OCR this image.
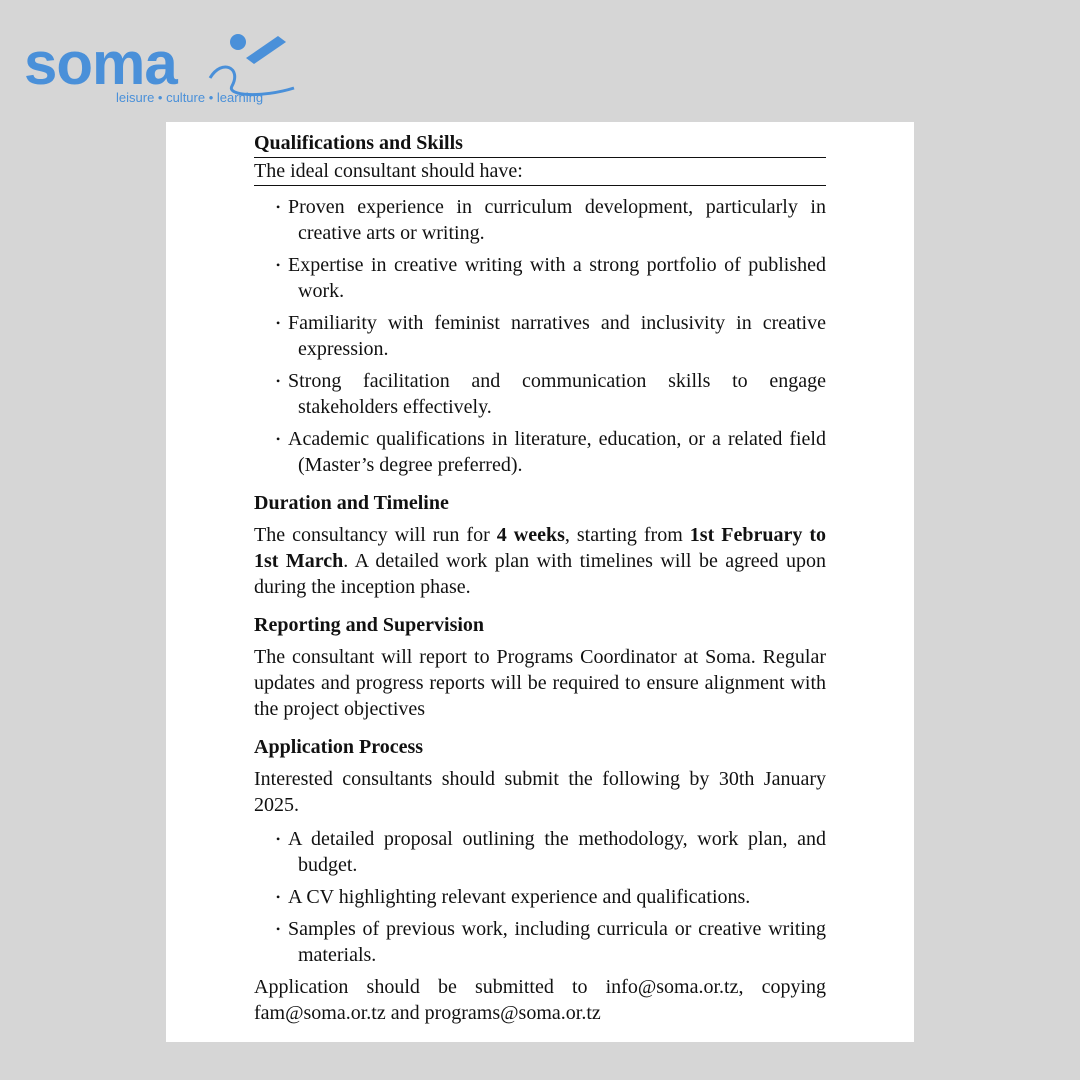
soma
leisure • culture • learning

Qualifications and Skills

The ideal consultant should have:

• Proven experience in curriculum development, particularly in creative arts or writing.
• Expertise in creative writing with a strong portfolio of published work.
• Familiarity with feminist narratives and inclusivity in creative expression.
• Strong facilitation and communication skills to engage stakeholders effectively.
• Academic qualifications in literature, education, or a related field (Master’s degree preferred).

Duration and Timeline

The consultancy will run for 4 weeks, starting from 1st February to 1st March. A detailed work plan with timelines will be agreed upon during the inception phase.

Reporting and Supervision

The consultant will report to Programs Coordinator at Soma. Regular updates and progress reports will be required to ensure alignment with the project objectives

Application Process

Interested consultants should submit the following by 30th January 2025.

• A detailed proposal outlining the methodology, work plan, and budget.
• A CV highlighting relevant experience and qualifications.
• Samples of previous work, including curricula or creative writing materials.

Application should be submitted to info@soma.or.tz, copying fam@soma.or.tz and programs@soma.or.tz
